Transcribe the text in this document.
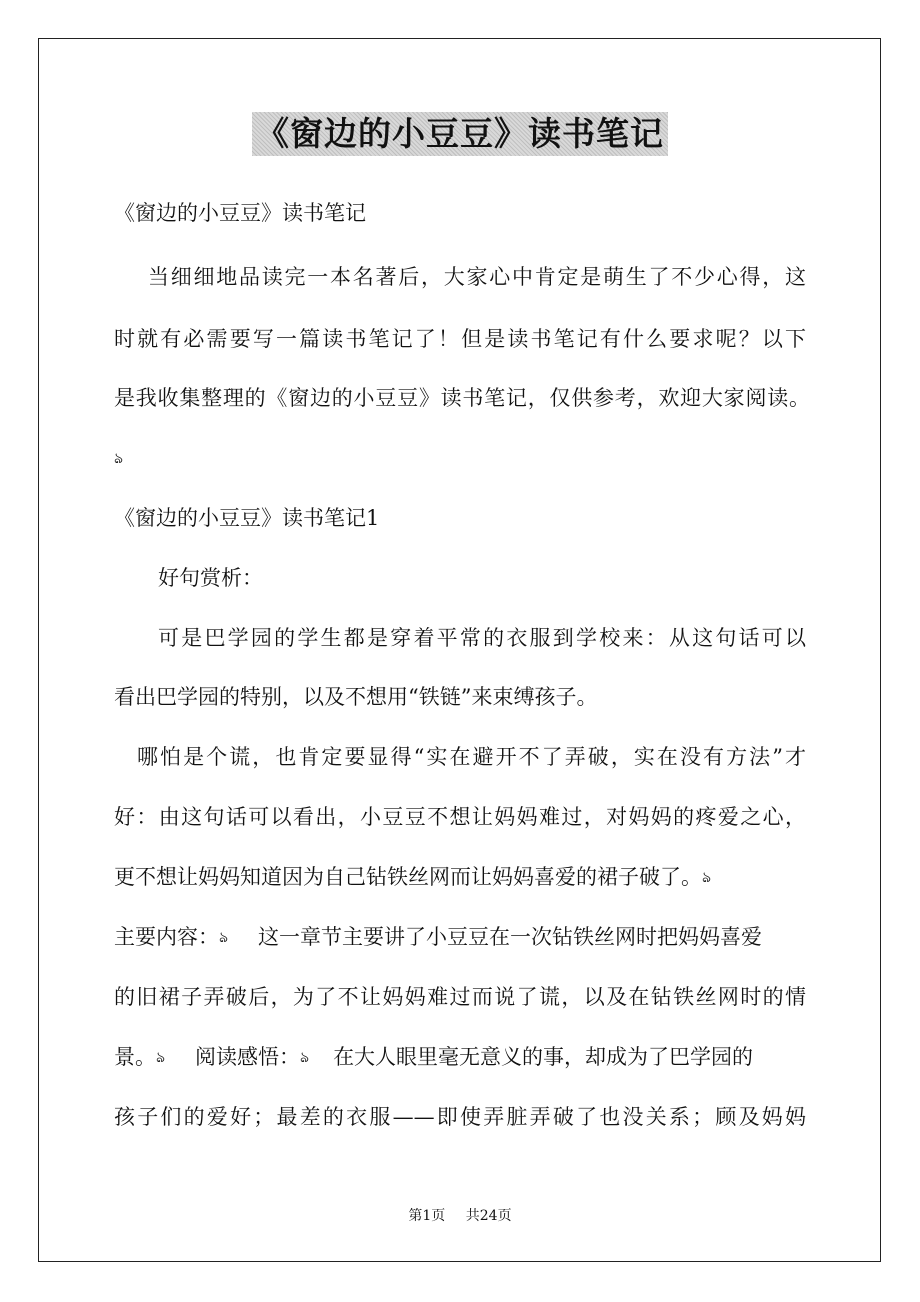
《窗边的小豆豆》读书笔记
《窗边的小豆豆》读书笔记
当细细地品读完一本名著后，大家心中肯定是萌生了不少心得，这
时就有必需要写一篇读书笔记了！但是读书笔记有什么要求呢？以下
是我收集整理的《窗边的小豆豆》读书笔记，仅供参考，欢迎大家阅读。
ঌ
《窗边的小豆豆》读书笔记1
好句赏析：
可是巴学园的学生都是穿着平常的衣服到学校来：从这句话可以
看出巴学园的特别，以及不想用“铁链”来束缚孩子。
哪怕是个谎，也肯定要显得“实在避开不了弄破，实在没有方法”才
好：由这句话可以看出，小豆豆不想让妈妈难过，对妈妈的疼爱之心，
更不想让妈妈知道因为自己钻铁丝网而让妈妈喜爱的裙子破了。ঌ
主要内容：ঌ 这一章节主要讲了小豆豆在一次钻铁丝网时把妈妈喜爱
的旧裙子弄破后，为了不让妈妈难过而说了谎，以及在钻铁丝网时的情
景。ঌ 阅读感悟：ঌ 在大人眼里毫无意义的事，却成为了巴学园的
孩子们的爱好；最差的衣服——即使弄脏弄破了也没关系；顾及妈妈
第1页 共24页
